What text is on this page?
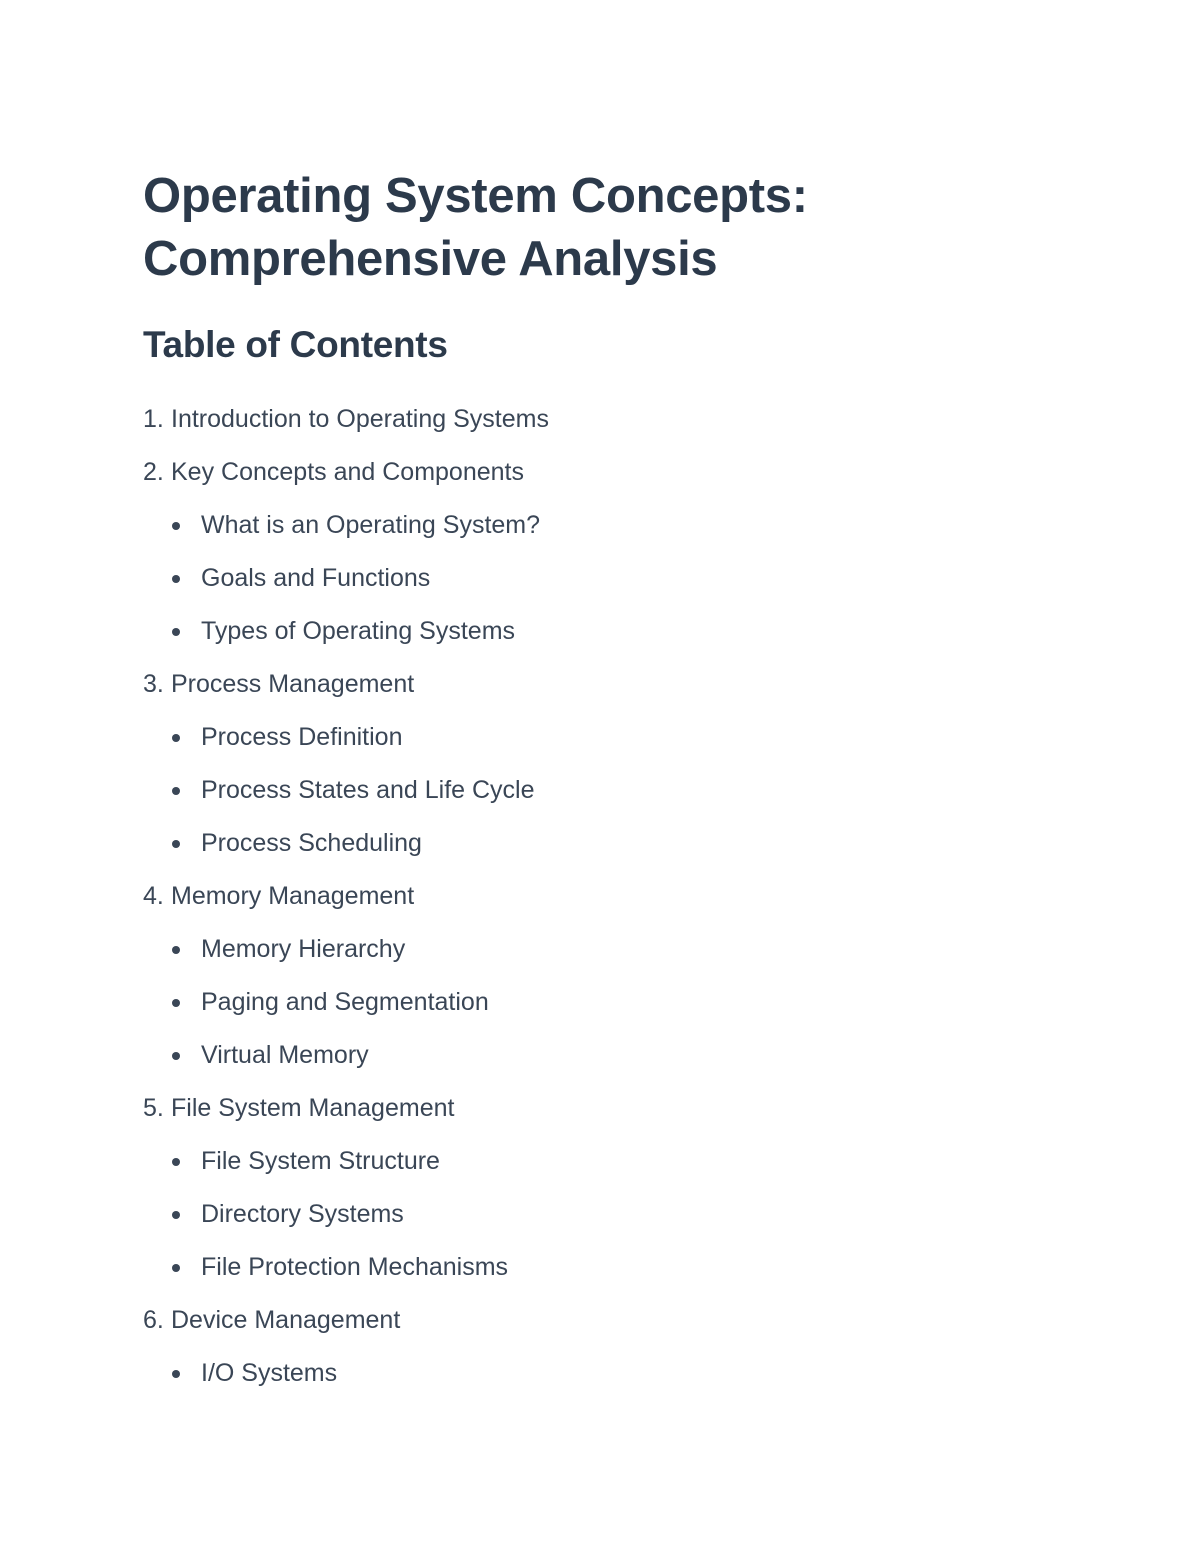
Operating System Concepts:
Comprehensive Analysis
Table of Contents
1. Introduction to Operating Systems
2. Key Concepts and Components
What is an Operating System?
Goals and Functions
Types of Operating Systems
3. Process Management
Process Definition
Process States and Life Cycle
Process Scheduling
4. Memory Management
Memory Hierarchy
Paging and Segmentation
Virtual Memory
5. File System Management
File System Structure
Directory Systems
File Protection Mechanisms
6. Device Management
I/O Systems
